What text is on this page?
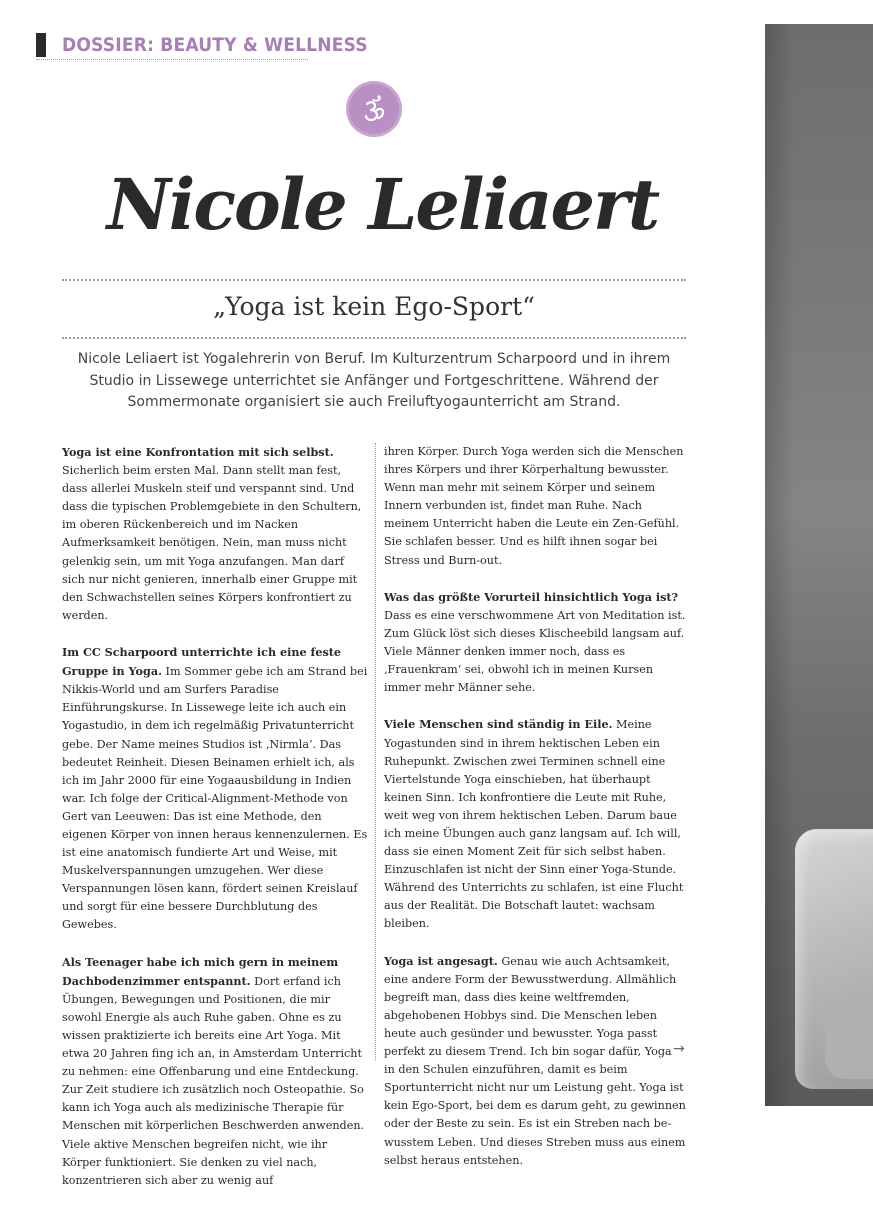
DOSSIER: BEAUTY & WELLNESS
Nicole Leliaert
„Yoga ist kein Ego-Sport“
Nicole Leliaert ist Yogalehrerin von Beruf. Im Kulturzentrum Scharpoord und in ihrem Studio in Lissewege unterrichtet sie Anfänger und Fortgeschrittene. Während der Sommermonate organisiert sie auch Freiluftyogaunterricht am Strand.

Yoga ist eine Konfrontation mit sich selbst. Sicherlich beim ersten Mal. Dann stellt man fest, dass allerlei Muskeln steif und verspannt sind. Und dass die typischen Problemgebiete in den Schultern, im oberen Rückenbereich und im Nacken Aufmerksamkeit benötigen. Nein, man muss nicht gelenkig sein, um mit Yoga anzufangen. Man darf sich nur nicht genieren, innerhalb einer Gruppe mit den Schwachstellen seines Körpers konfrontiert zu werden.

Im CC Scharpoord unterrichte ich eine feste Gruppe in Yoga. Im Sommer gebe ich am Strand bei Nikkis-World und am Surfers Paradise Einführungskurse. In Lissewege leite ich auch ein Yogastudio, in dem ich regelmäßig Privatunterricht gebe. Der Name meines Studios ist ‚Nirmla‘. Das bedeutet Reinheit. Diesen Beinamen erhielt ich, als ich im Jahr 2000 für eine Yogaausbildung in Indien war. Ich folge der Critical-Alignment-Methode von Gert van Leeuwen: Das ist eine Methode, den eigenen Körper von innen heraus kennenzulernen. Es ist eine anatomisch fundierte Art und Weise, mit Muskelverspannungen umzugehen. Wer diese Verspannungen lösen kann, fördert seinen Kreislauf und sorgt für eine bessere Durchblutung des Gewebes.

Als Teenager habe ich mich gern in meinem Dachbodenzimmer entspannt. Dort erfand ich Übungen, Bewegungen und Positionen, die mir sowohl Energie als auch Ruhe gaben. Ohne es zu wissen praktizierte ich bereits eine Art Yoga. Mit etwa 20 Jahren fing ich an, in Amsterdam Unterricht zu nehmen: eine Offenbarung und eine Entdeckung. Zur Zeit studiere ich zusätzlich noch Osteopathie. So kann ich Yoga auch als medizinische Therapie für Menschen mit körperlichen Beschwerden anwenden. Viele aktive Menschen begreifen nicht, wie ihr Körper funktioniert. Sie denken zu viel nach, konzentrieren sich aber zu wenig auf

ihren Körper. Durch Yoga werden sich die Menschen ihres Körpers und ihrer Körperhaltung bewusster. Wenn man mehr mit seinem Körper und seinem Innern verbunden ist, findet man Ruhe. Nach meinem Unterricht haben die Leute ein Zen-Gefühl. Sie schlafen besser. Und es hilft ihnen sogar bei Stress und Burn-out.

Was das größte Vorurteil hinsichtlich Yoga ist? Dass es eine verschwommene Art von Meditation ist. Zum Glück löst sich dieses Klischeebild langsam auf. Viele Männer denken immer noch, dass es ‚Frauenkram‘ sei, obwohl ich in meinen Kursen immer mehr Männer sehe.

Viele Menschen sind ständig in Eile. Meine Yogastunden sind in ihrem hektischen Leben ein Ruhepunkt. Zwischen zwei Terminen schnell eine Viertelstunde Yoga einschieben, hat überhaupt keinen Sinn. Ich konfrontiere die Leute mit Ruhe, weit weg von ihrem hektischen Leben. Darum baue ich meine Übungen auch ganz langsam auf. Ich will, dass sie einen Moment Zeit für sich selbst haben. Einzuschlafen ist nicht der Sinn einer Yoga-Stunde. Während des Unterrichts zu schlafen, ist eine Flucht aus der Realität. Die Botschaft lautet: wachsam bleiben.

Yoga ist angesagt. Genau wie auch Achtsamkeit, eine andere Form der Bewusstwerdung. Allmählich begreift man, dass dies keine weltfremden, abgehobenen Hobbys sind. Die Menschen leben heute auch gesünder und bewusster. Yoga passt perfekt zu diesem Trend. Ich bin sogar dafür, Yoga in den Schulen einzuführen, damit es beim Sportunterricht nicht nur um Leistung geht. Yoga ist kein Ego-Sport, bei dem es darum geht, zu gewinnen oder der Beste zu sein. Es ist ein Streben nach bewusstem Leben. Und dieses Streben muss aus einem selbst heraus entstehen.

→
